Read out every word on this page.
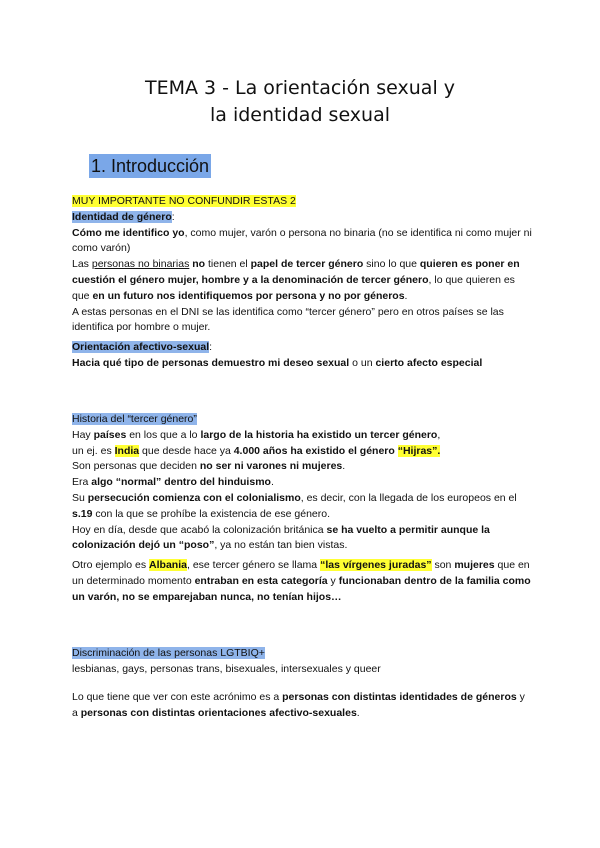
TEMA 3 - La orientación sexual y
la identidad sexual
1. Introducción

MUY IMPORTANTE NO CONFUNDIR ESTAS 2

Identidad de género:

Cómo me identifico yo, como mujer, varón o persona no binaria (no se identifica ni como mujer ni como varón)

Las personas no binarias no tienen el papel de tercer género sino lo que quieren es poner en cuestión el género mujer, hombre y a la denominación de tercer género, lo que quieren es que en un futuro nos identifiquemos por persona y no por géneros.

A estas personas en el DNI se las identifica como “tercer género” pero en otros países se las identifica por hombre o mujer.

Orientación afectivo-sexual:

Hacia qué tipo de personas demuestro mi deseo sexual o un cierto afecto especial

Historia del “tercer género”

Hay países en los que a lo largo de la historia ha existido un tercer género,

un ej. es India que desde hace ya 4.000 años ha existido el género “Hijras”.

Son personas que deciden no ser ni varones ni mujeres.

Era algo “normal” dentro del hinduismo.

Su persecución comienza con el colonialismo, es decir, con la llegada de los europeos en el s.19 con la que se prohíbe la existencia de ese género.

Hoy en día, desde que acabó la colonización británica se ha vuelto a permitir aunque la colonización dejó un “poso”, ya no están tan bien vistas.

Otro ejemplo es Albania, ese tercer género se llama “las vírgenes juradas” son mujeres que en un determinado momento entraban en esta categoría y funcionaban dentro de la familia como un varón, no se emparejaban nunca, no tenían hijos…

Discriminación de las personas LGTBIQ+

lesbianas, gays, personas trans, bisexuales, intersexuales y queer

Lo que tiene que ver con este acrónimo es a personas con distintas identidades de géneros y a personas con distintas orientaciones afectivo-sexuales.
